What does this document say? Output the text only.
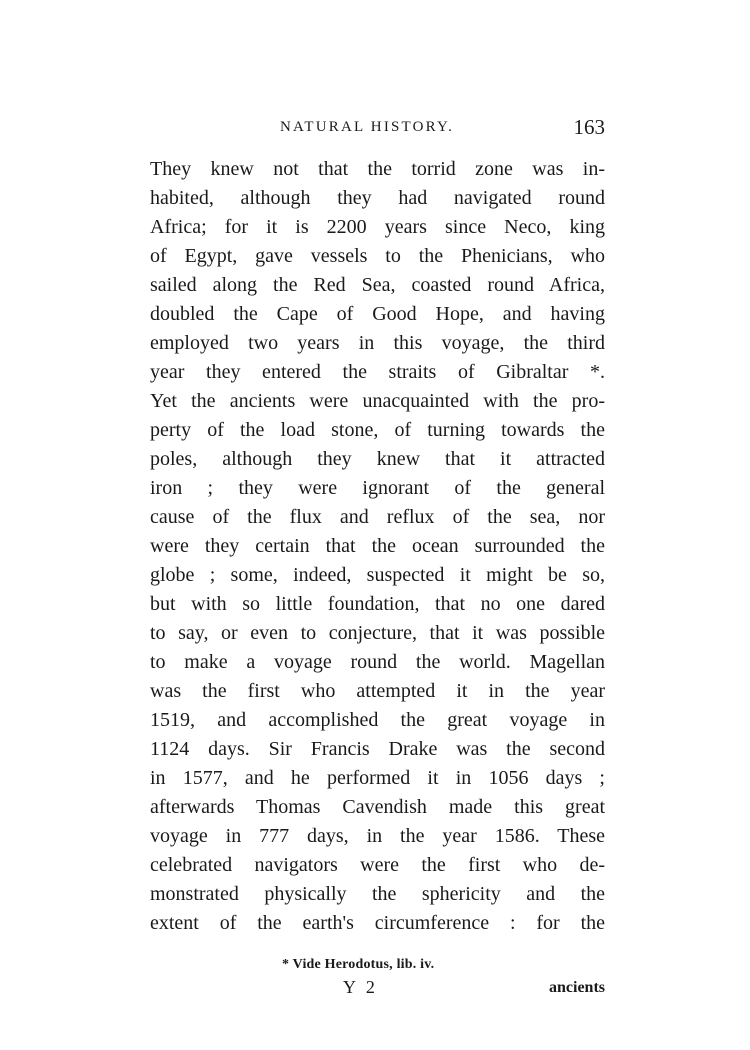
NATURAL HISTORY.	163
They knew not that the torrid zone was in-
habited, although they had navigated round
Africa; for it is 2200 years since Neco, king
of Egypt, gave vessels to the Phenicians, who
sailed along the Red Sea, coasted round Africa,
doubled the Cape of Good Hope, and having
employed two years in this voyage, the third
year they entered the straits of Gibraltar *.
Yet the ancients were unacquainted with the pro-
perty of the load stone, of turning towards the
poles, although they knew that it attracted
iron ; they were ignorant of the general
cause of the flux and reflux of the sea, nor
were they certain that the ocean surrounded the
globe ; some, indeed, suspected it might be so,
but with so little foundation, that no one dared
to say, or even to conjecture, that it was possible
to make a voyage round the world. Magellan
was the first who attempted it in the year
1519, and accomplished the great voyage in
1124 days. Sir Francis Drake was the second
in 1577, and he performed it in 1056 days ;
afterwards Thomas Cavendish made this great
voyage in 777 days, in the year 1586. These
celebrated navigators were the first who de-
monstrated physically the sphericity and the
extent of the earth's circumference : for the
* Vide Herodotus, lib. iv.
Y 2	ancients
